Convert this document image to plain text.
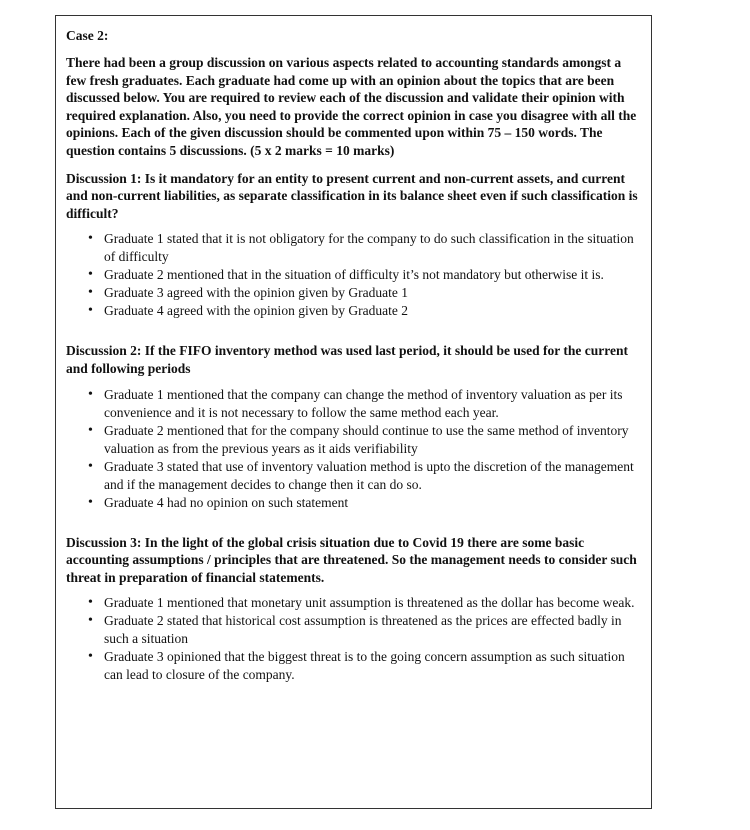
Case 2:

There had been a group discussion on various aspects related to accounting standards amongst a few fresh graduates. Each graduate had come up with an opinion about the topics that are been discussed below. You are required to review each of the discussion and validate their opinion with required explanation. Also, you need to provide the correct opinion in case you disagree with all the opinions. Each of the given discussion should be commented upon within 75 – 150 words. The question contains 5 discussions. (5 x 2 marks = 10 marks)

Discussion 1: Is it mandatory for an entity to present current and non-current assets, and current and non-current liabilities, as separate classification in its balance sheet even if such classification is difficult?

• Graduate 1 stated that it is not obligatory for the company to do such classification in the situation of difficulty
• Graduate 2 mentioned that in the situation of difficulty it’s not mandatory but otherwise it is.
• Graduate 3 agreed with the opinion given by Graduate 1
• Graduate 4 agreed with the opinion given by Graduate 2

Discussion 2: If the FIFO inventory method was used last period, it should be used for the current and following periods

• Graduate 1 mentioned that the company can change the method of inventory valuation as per its convenience and it is not necessary to follow the same method each year.
• Graduate 2 mentioned that for the company should continue to use the same method of inventory valuation as from the previous years as it aids verifiability
• Graduate 3 stated that use of inventory valuation method is upto the discretion of the management and if the management decides to change then it can do so.
• Graduate 4 had no opinion on such statement

Discussion 3: In the light of the global crisis situation due to Covid 19 there are some basic accounting assumptions / principles that are threatened. So the management needs to consider such threat in preparation of financial statements.

• Graduate 1 mentioned that monetary unit assumption is threatened as the dollar has become weak.
• Graduate 2 stated that historical cost assumption is threatened as the prices are effected badly in such a situation
• Graduate 3 opinioned that the biggest threat is to the going concern assumption as such situation can lead to closure of the company.
